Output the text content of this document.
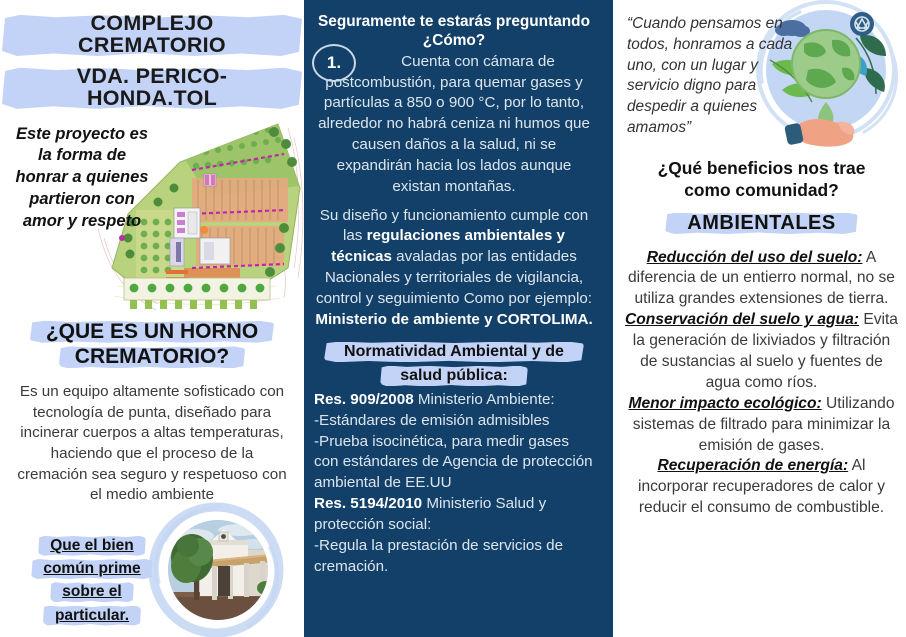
COMPLEJO CREMATORIO
VDA. PERICO- HONDA.TOL
Este proyecto es la forma de honrar a quienes partieron con amor y respeto
¿QUE ES UN HORNO
CREMATORIO?
Es un equipo altamente sofisticado con tecnología de punta, diseñado para incinerar cuerpos a altas temperaturas, haciendo que el proceso de la cremación sea seguro y respetuoso con el medio ambiente
Que el bien
común prime
sobre el
particular.
1.
Seguramente te estarás preguntando ¿Cómo?
Cuenta con cámara de postcombustión, para quemar gases y partículas a 850 o 900 °C, por lo tanto, alrededor no habrá ceniza ni humos que causen daños a la salud, ni se expandirán hacia los lados aunque existan montañas.
Su diseño y funcionamiento cumple con las regulaciones ambientales y técnicas avaladas por las entidades Nacionales y territoriales de vigilancia, control y seguimiento Como por ejemplo: Ministerio de ambiente y CORTOLIMA.
Normatividad Ambiental y de
salud pública:
Res. 909/2008 Ministerio Ambiente:
-Estándares de emisión admisibles
-Prueba isocinética, para medir gases con estándares de Agencia de protección ambiental de EE.UU
Res. 5194/2010 Ministerio Salud y protección social:
-Regula la prestación de servicios de cremación.
“Cuando pensamos en todos, honramos a cada uno, con un lugar y servicio digno para despedir a quienes amamos”
¿Qué beneficios nos trae
como comunidad?
AMBIENTALES

Reducción del uso del suelo: A diferencia de un entierro normal, no se utiliza grandes extensiones de tierra.

Conservación del suelo y agua: Evita la generación de lixiviados y filtración de sustancias al suelo y fuentes de agua como ríos.

Menor impacto ecológico: Utilizando sistemas de filtrado para minimizar la emisión de gases.

Recuperación de energía: Al incorporar recuperadores de calor y reducir el consumo de combustible.
